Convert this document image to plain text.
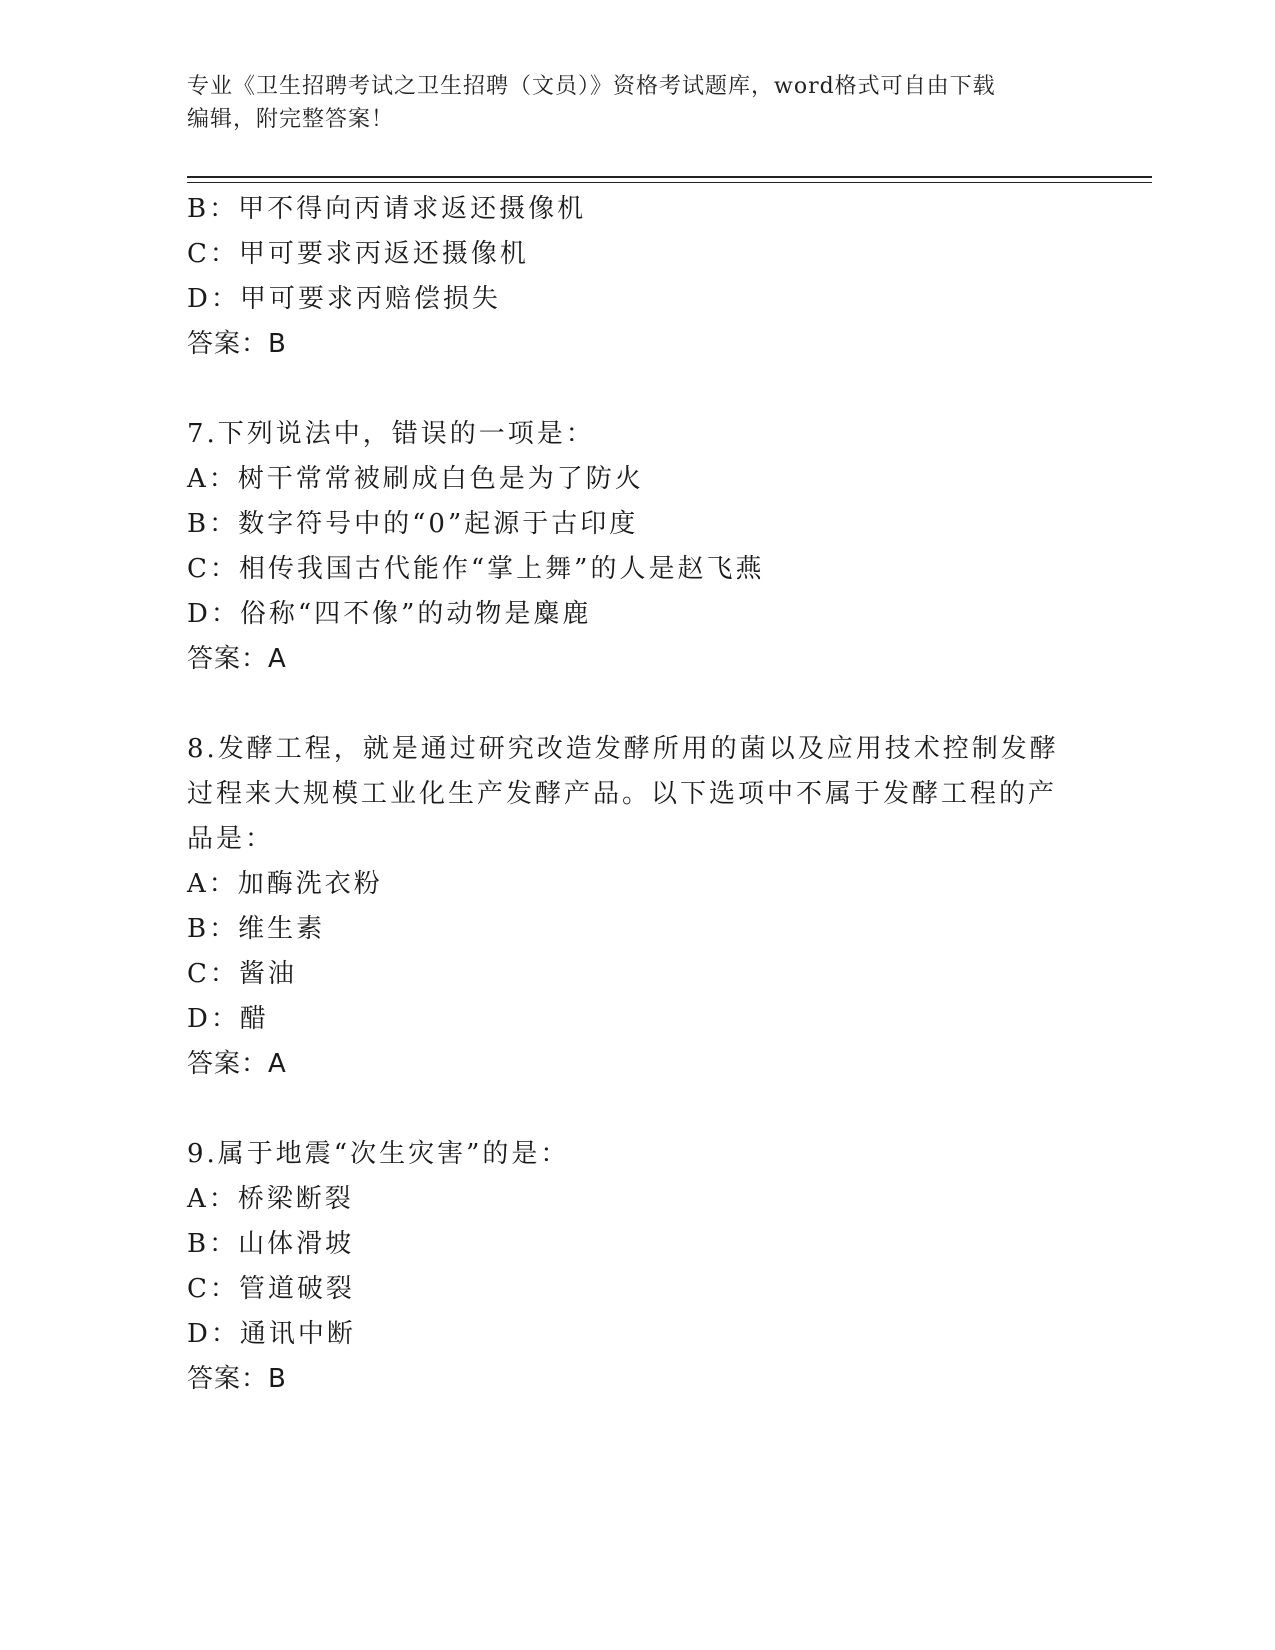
专业《卫生招聘考试之卫生招聘（文员）》资格考试题库，word格式可自由下载
编辑，附完整答案！
B：甲不得向丙请求返还摄像机
C：甲可要求丙返还摄像机
D：甲可要求丙赔偿损失
答案：B
7.下列说法中，错误的一项是：
A：树干常常被刷成白色是为了防火
B：数字符号中的“0”起源于古印度
C：相传我国古代能作“掌上舞”的人是赵飞燕
D：俗称“四不像”的动物是麋鹿
答案：A
8.发酵工程，就是通过研究改造发酵所用的菌以及应用技术控制发酵
过程来大规模工业化生产发酵产品。以下选项中不属于发酵工程的产
品是：
A：加酶洗衣粉
B：维生素
C：酱油
D：醋
答案：A
9.属于地震“次生灾害”的是：
A：桥梁断裂
B：山体滑坡
C：管道破裂
D：通讯中断
答案：B
